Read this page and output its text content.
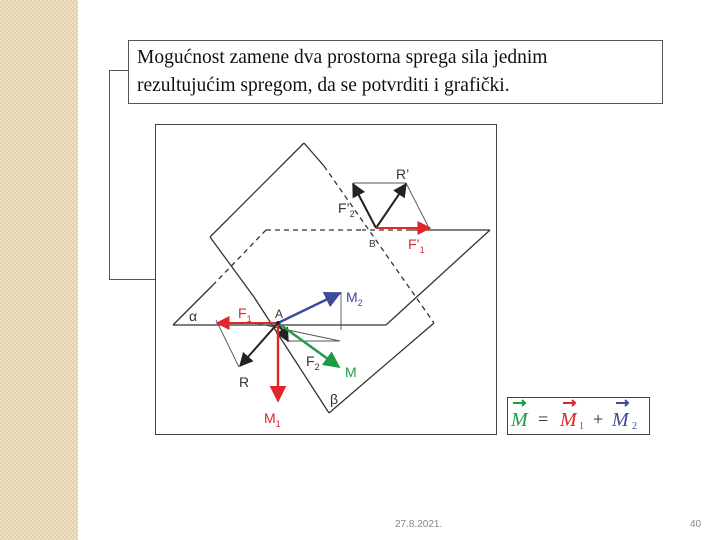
Mogućnost zamene dva prostorna sprega sila jednim
rezultujućim spregom, da se potvrditi i grafički.
R’
$F’_2$
B $F’_1$
$M_2$
α	$F_1$ A
$F_2$ M
R
β
$M_1$	M = M 1 + M 2
27.8.2021.	40
